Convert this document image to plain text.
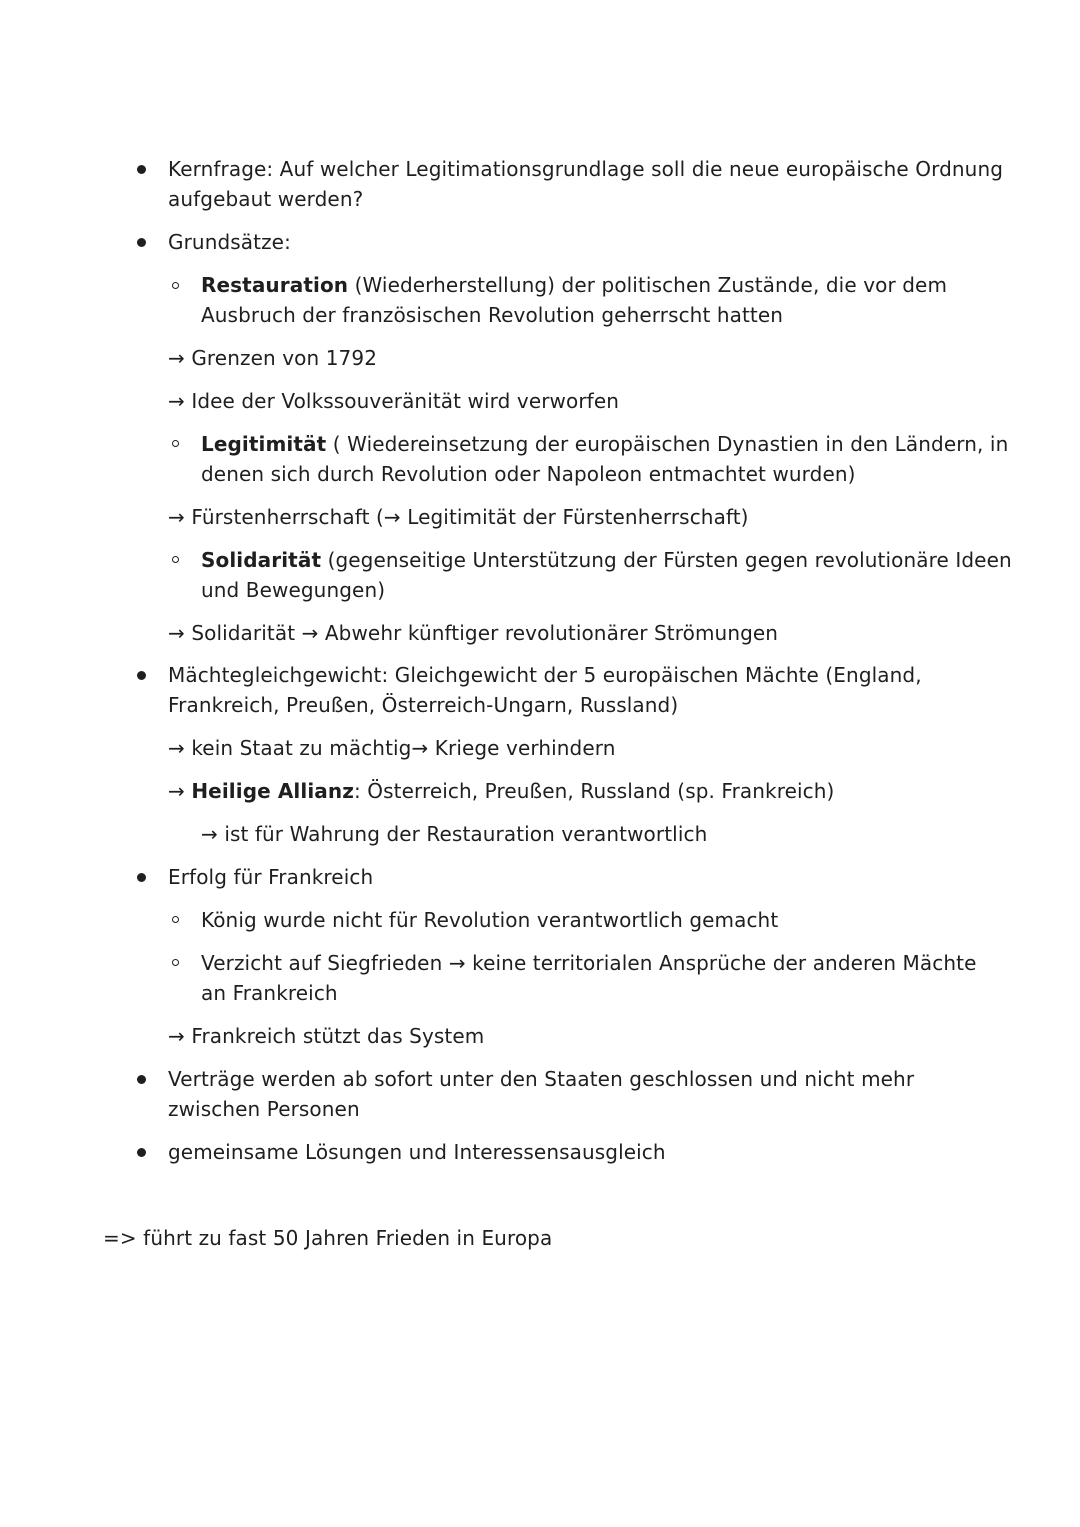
Kernfrage: Auf welcher Legitimationsgrundlage soll die neue europäische Ordnung
aufgebaut werden?
Grundsätze:
Restauration (Wiederherstellung) der politischen Zustände, die vor dem
Ausbruch der französischen Revolution geherrscht hatten
→ Grenzen von 1792
→ Idee der Volkssouveränität wird verworfen
Legitimität ( Wiedereinsetzung der europäischen Dynastien in den Ländern, in
denen sich durch Revolution oder Napoleon entmachtet wurden)
→ Fürstenherrschaft (→ Legitimität der Fürstenherrschaft)
Solidarität (gegenseitige Unterstützung der Fürsten gegen revolutionäre Ideen
und Bewegungen)
→ Solidarität → Abwehr künftiger revolutionärer Strömungen
Mächtegleichgewicht: Gleichgewicht der 5 europäischen Mächte (England,
Frankreich, Preußen, Österreich-Ungarn, Russland)
→ kein Staat zu mächtig→ Kriege verhindern
→ Heilige Allianz: Österreich, Preußen, Russland (sp. Frankreich)
→ ist für Wahrung der Restauration verantwortlich
Erfolg für Frankreich
König wurde nicht für Revolution verantwortlich gemacht
Verzicht auf Siegfrieden → keine territorialen Ansprüche der anderen Mächte
an Frankreich
→ Frankreich stützt das System
Verträge werden ab sofort unter den Staaten geschlossen und nicht mehr
zwischen Personen
gemeinsame Lösungen und Interessensausgleich
=> führt zu fast 50 Jahren Frieden in Europa
